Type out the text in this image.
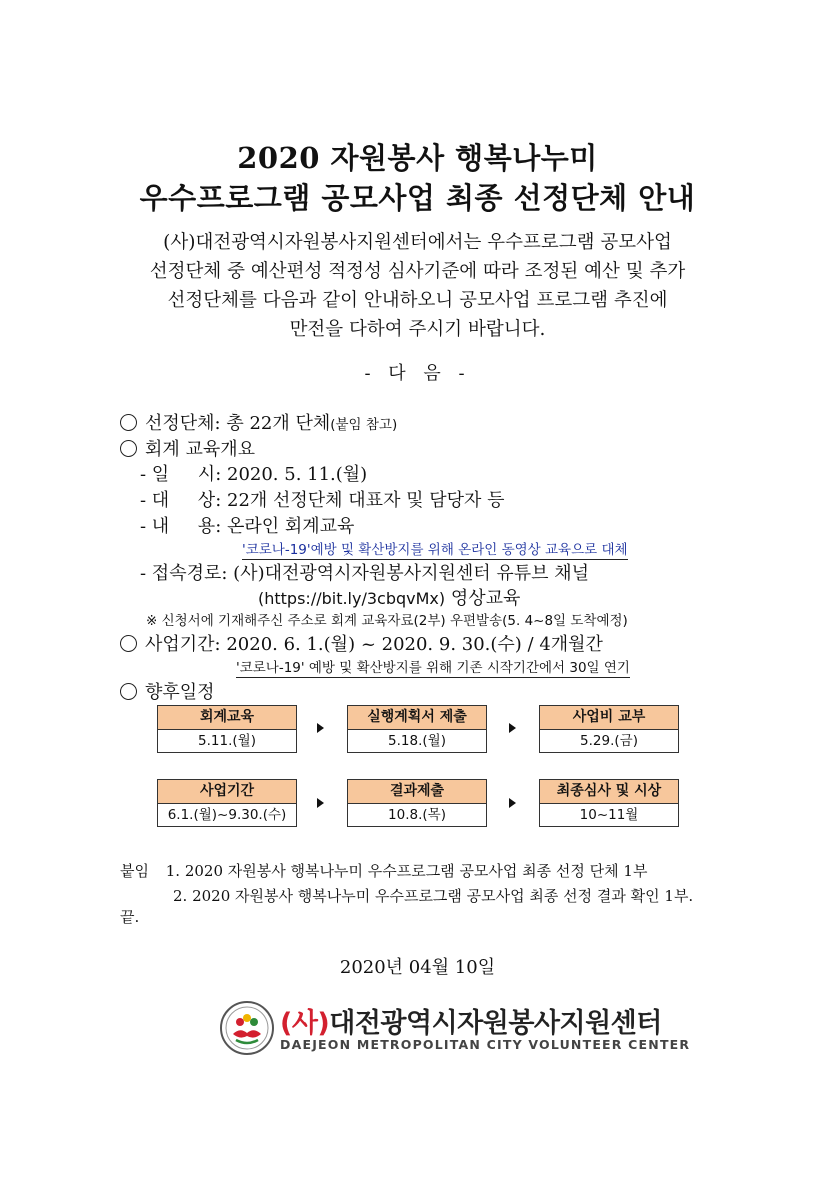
2020 자원봉사 행복나누미
우수프로그램 공모사업 최종 선정단체 안내
(사)대전광역시자원봉사지원센터에서는 우수프로그램 공모사업
선정단체 중 예산편성 적정성 심사기준에 따라 조정된 예산 및 추가
선정단체를 다음과 같이 안내하오니 공모사업 프로그램 추진에
만전을 다하여 주시기 바랍니다.
- 다 음 -
선정단체: 총 22개 단체(붙임 참고)
회계 교육개요
- 일     시: 2020. 5. 11.(월)
- 대     상: 22개 선정단체 대표자 및 담당자 등
- 내     용: 온라인 회계교육
'코로나-19'예방 및 확산방지를 위해 온라인 동영상 교육으로 대체
- 접속경로: (사)대전광역시자원봉사지원센터 유튜브 채널
(https://bit.ly/3cbqvMx) 영상교육
※ 신청서에 기재해주신 주소로 회계 교육자료(2부) 우편발송(5. 4~8일 도착예정)
사업기간: 2020. 6. 1.(월) ~ 2020. 9. 30.(수) / 4개월간
'코로나-19' 예방 및 확산방지를 위해 기존 시작기간에서 30일 연기
향후일정
회계교육
5.11.(월)
실행계획서 제출
5.18.(월)
사업비 교부
5.29.(금)
사업기간
6.1.(월)~9.30.(수)
결과제출
10.8.(목)
최종심사 및 시상
10~11월
붙임 1. 2020 자원봉사 행복나누미 우수프로그램 공모사업 최종 선정 단체 1부
2. 2020 자원봉사 행복나누미 우수프로그램 공모사업 최종 선정 결과 확인 1부.
끝.
2020년 04월 10일
(사)대전광역시자원봉사지원센터
DAEJEON METROPOLITAN CITY VOLUNTEER CENTER
